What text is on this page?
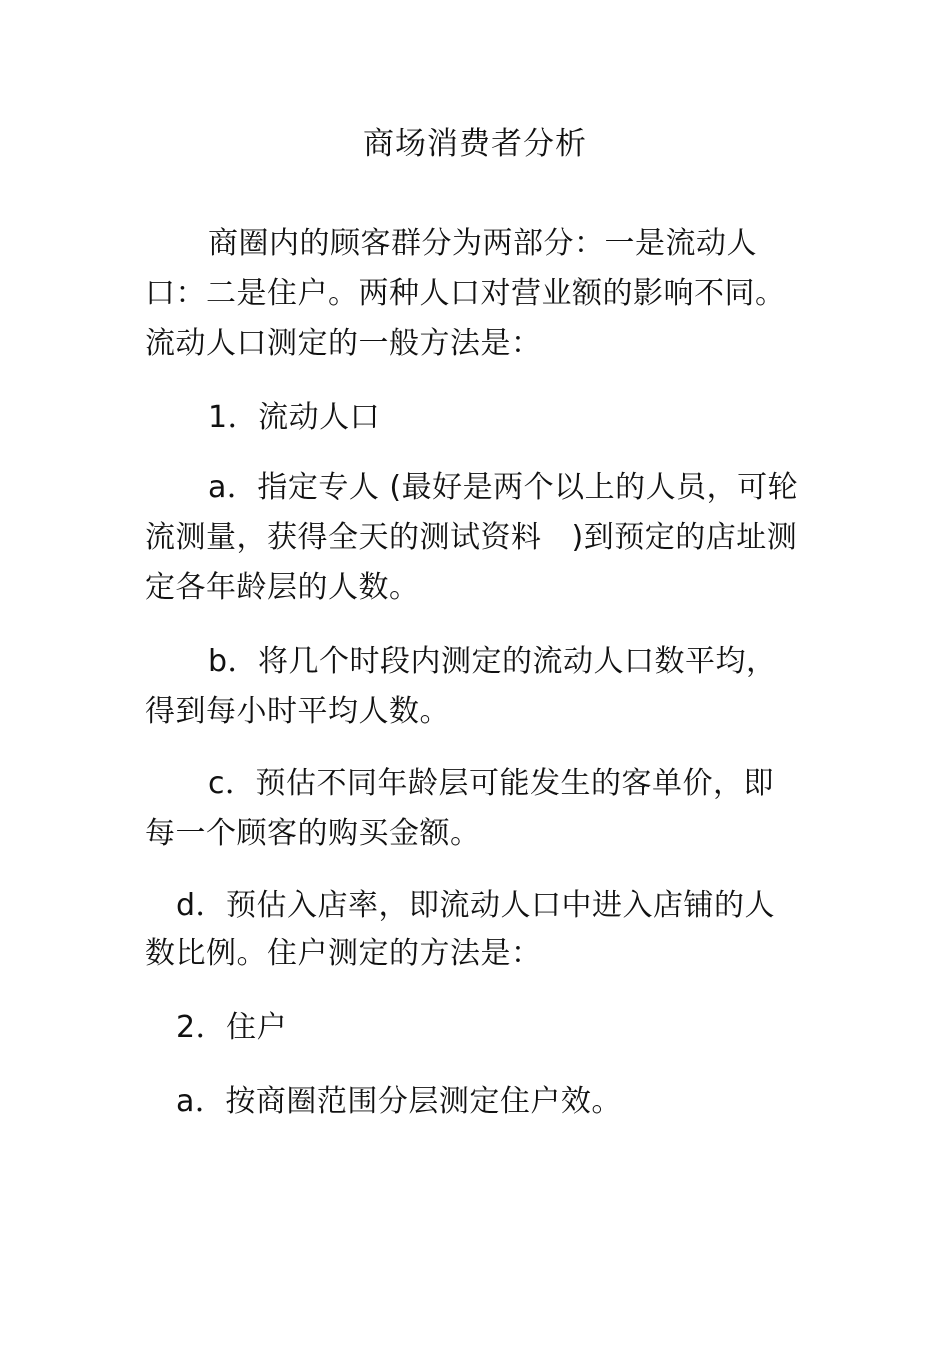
商场消费者分析
商圈内的顾客群分为两部分：一是流动人
口：二是住户。两种人口对营业额的影响不同。
流动人口测定的一般方法是：
1．流动人口
a．指定专人 (最好是两个以上的人员，可轮
流测量，获得全天的测试资料 )到预定的店址测
定各年龄层的人数。
b．将几个时段内测定的流动人口数平均，
得到每小时平均人数。
c．预估不同年龄层可能发生的客单价，即
每一个顾客的购买金额。
d．预估入店率，即流动人口中进入店铺的人
数比例。住户测定的方法是：
2．住户
a．按商圈范围分层测定住户效。
